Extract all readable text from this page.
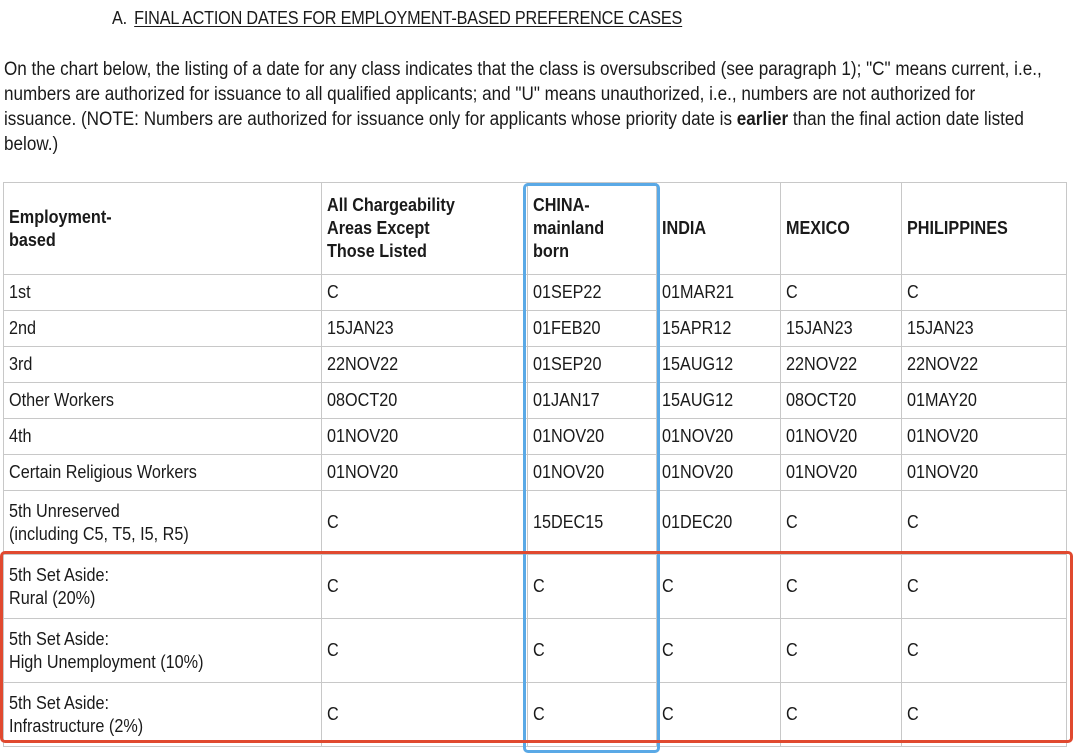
A. FINAL ACTION DATES FOR EMPLOYMENT-BASED PREFERENCE CASES
On the chart below, the listing of a date for any class indicates that the class is oversubscribed (see paragraph 1); "C" means current, i.e., numbers are authorized for issuance to all qualified applicants; and "U" means unauthorized, i.e., numbers are not authorized for issuance. (NOTE: Numbers are authorized for issuance only for applicants whose priority date is earlier than the final action date listed below.)
Employment-
based	All Chargeability
Areas Except
Those Listed	CHINA-
mainland
born	INDIA	MEXICO	PHILIPPINES
1st	C	01SEP22	01MAR21	C	C
2nd	15JAN23	01FEB20	15APR12	15JAN23	15JAN23
3rd	22NOV22	01SEP20	15AUG12	22NOV22	22NOV22
Other Workers	08OCT20	01JAN17	15AUG12	08OCT20	01MAY20
4th	01NOV20	01NOV20	01NOV20	01NOV20	01NOV20
Certain Religious Workers	01NOV20	01NOV20	01NOV20	01NOV20	01NOV20
5th Unreserved
(including C5, T5, I5, R5)	C	15DEC15	01DEC20	C	C
5th Set Aside:
Rural (20%)	C	C	C	C	C
5th Set Aside:
High Unemployment (10%)	C	C	C	C	C
5th Set Aside:
Infrastructure (2%)	C	C	C	C	C
